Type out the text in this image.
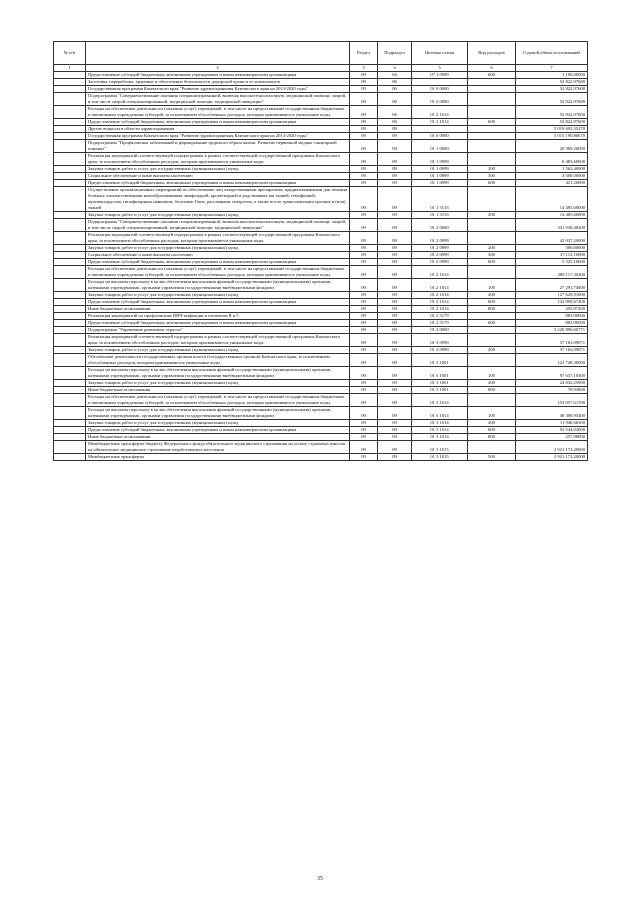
№ п/п		Раздел	Подраздел	Целевая статья	Вид расходов	Годовой объем ассигнований
1	2	3	4	5	6	7
	Предоставление субсидий бюджетным, автономным учреждениям и иным некоммерческим организациям	09	04	07 1 0999	600	1 100,00000
	Заготовка, переработка, хранение и обеспечение безопасности донорской крови и ее компонентов	09	06			52 822,97600
	Государственная программа Камчатского края "Развитие здравоохранения Камчатского края на 2014-2020 годы"	09	06	01 0 0000		52 822,97600
	Подпрограмма "Совершенствование оказания специализированной, включая высокотехнологичную, медицинской помощи, скорой, в том числе скорой специализированной, медицинской помощи, медицинской эвакуации"	09	06	01 2 0000		52 822,97600
	Расходы на обеспечение деятельности (оказание услуг) учреждений, в том числе на предоставление государственным бюджетным и автономным учреждениям субсидий, за исключением обособленных расходов, которым присваиваются уникальные коды	09	06	01 2 1014		52 822,97600
	Предоставление субсидий бюджетным, автономным учреждениям и иным некоммерческим организациям	09	06	01 2 1014	600	52 822,97600
	Другие вопросы в области здравоохранения	09	09			5 019 692,55270
	Государственная программа Камчатского края "Развитие здравоохранения Камчатского края на 2014-2020 годы"	09	09	01 0 0000		5 015 190,80670
	Подпрограмма "Профилактика заболеваний и формирование здорового образа жизни. Развитие первичной медико-санитарной помощи"	09	09	01 1 0000		20 969,20000
	Реализация мероприятий соответствующей подпрограммы в рамках соответствующей государственной программы Камчатского края, за исключением обособленных расходов, которым присваиваются уникальные коды	09	09	01 1 0999		6 483,60000
	Закупка товаров, работ и услуг для государственных (муниципальных) нужд	09	09	01 1 0999	200	1 562,40000
	Социальное обеспечение и иные выплаты населению	09	09	01 1 0999	300	4 500,00000
	Предоставление субсидий бюджетным, автономным учреждениям и иным некоммерческим организациям	09	09	01 1 0999	600	421,20000
	Осуществление организационных мероприятий по обеспечению лиц лекарственными препаратами, предназначенными для лечения больных злокачественными новообразованиями лимфоидной, кроветворной и родственных им тканей, гемофилией, муковисцидозом, гипофизарным нанизмом, болезнью Гоше, рассеянным склерозом, а также после трансплантации органов и (или) тканей	09	09	01 1 5133		14 485,60000
	Закупка товаров, работ и услуг для государственных (муниципальных) нужд	09	09	01 1 5133	200	14 485,60000
	Подпрограмма "Совершенствование оказания специализированной, включая высокотехнологичную, медицинской помощи, скорой, в том числе скорой специализированной, медицинской помощи, медицинской эвакуации"	09	09	01 2 0000		331 938,40200
	Реализация мероприятий соответствующей подпрограммы в рамках соответствующей государственной программы Камчатского края, за исключением обособленных расходов, которым присваиваются уникальные коды	09	09	01 2 0999		42 937,20000
	Закупка товаров, работ и услуг для государственных (муниципальных) нужд	09	09	01 2 0999	200	300,00000
	Социальное обеспечение и иные выплаты населению	09	09	01 2 0999	300	37 112,10000
	Предоставление субсидий бюджетным, автономным учреждениям и иным некоммерческим организациям	09	09	01 2 0999	600	5 525,10000
	Расходы на обеспечение деятельности (оказание услуг) учреждений, в том числе на предоставление государственным бюджетным и автономным учреждениям субсидий, за исключением обособленных расходов, которым присваиваются уникальные коды	09	09	01 2 1014		288 117,30200
	Расходы на выплаты персоналу в целях обеспечения выполнения функций государственными (муниципальными) органами, казенными учреждениями, органами управления государственными внебюджетными фондами	09	09	01 2 1014	100	27 291,74600
	Закупка товаров, работ и услуг для государственных (муниципальных) нужд	09	09	01 2 1014	200	127 629,91000
	Предоставление субсидий бюджетным, автономным учреждениям и иным некоммерческим организациям	09	09	01 2 1014	600	132 899,67400
	Иные бюджетные ассигнования	09	09	01 2 1014	800	295,97200
	Реализация мероприятий по профилактике ВИЧ-инфекции и гепатитов В и С	09	09	01 2 5179		883,90000
	Предоставление субсидий бюджетным, автономным учреждениям и иным некоммерческим организациям	09	09	01 2 5179	600	883,90000
	Подпрограмма "Управление развитием отрасли"	09	09	01 3 0000		3 220 896,60771
	Реализация мероприятий соответствующей подпрограммы в рамках соответствующей государственной программы Камчатского края, за исключением обособленных расходов, которым присваиваются уникальные коды	09	09	01 3 0999		37 163,99071
	Закупка товаров, работ и услуг для государственных (муниципальных) нужд	09	09	01 3 0999	200	37 163,99071
	Обеспечение деятельности государственных органов власти (государственных органов) Камчатского края, за исключением обособленных расходов, которым присваиваются уникальные коды	09	09	01 3 1001		121 748,30000
	Расходы на выплаты персоналу в целях обеспечения выполнения функций государственными (муниципальными) органами, казенными учреждениями, органами управления государственными внебюджетными фондами	09	09	01 3 1001	100	97 637,10300
	Закупка товаров, работ и услуг для государственных (муниципальных) нужд	09	09	01 3 1001	200	24 032,25900
	Иные бюджетные ассигнования	09	09	01 3 1001	800	78,93800
	Расходы на обеспечение деятельности (оказание услуг) учреждений, в том числе на предоставление государственным бюджетным и автономным учреждениям субсидий, за исключением обособленных расходов, которым присваиваются уникальные коды	09	09	01 3 1014		153 057,61700
	Расходы на выплаты персоналу в целях обеспечения выполнения функций государственными (муниципальными) органами, казенными учреждениями, органами управления государственными внебюджетными фондами	09	09	01 3 1014	100	48 308,95400
	Закупка товаров, работ и услуг для государственных (муниципальных) нужд	09	09	01 3 1014	200	11 946,66300
	Предоставление субсидий бюджетным, автономным учреждениям и иным некоммерческим организациям	09	09	01 3 1014	600	92 544,02000
	Иные бюджетные ассигнования	09	09	01 3 1014	800	257,98000
	Межбюджетные трансферты бюджету Федерального фонда обязательного медицинского страхования на уплату страховых взносов на обязательное медицинское страхование неработающего населения	09	09	01 3 1015		2 921 173,20000
	Межбюджетные трансферты	09	09	01 3 1015	500	2 921 173,20000
35
